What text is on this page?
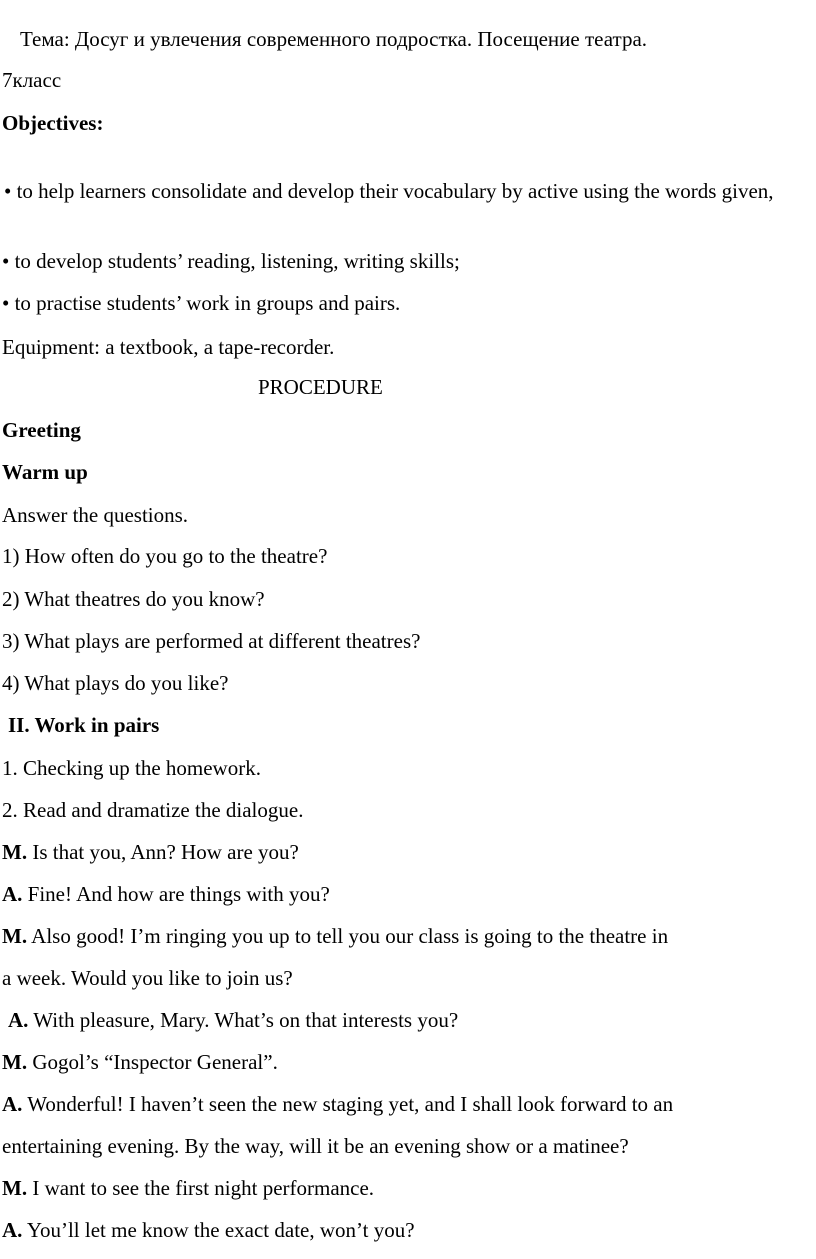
Тема: Досуг и увлечения современного подростка. Посещение театра.
7класс
Objectives:
• to help learners consolidate and develop their vocabulary by active using the words given,
• to develop students’ reading, listening, writing skills;
• to practise students’ work in groups and pairs.
Equipment: a textbook, a tape-recorder.
PROCEDURE
Greeting
Warm up
Answer the questions.
1) How often do you go to the theatre?
2) What theatres do you know?
3) What plays are performed at different theatres?
4) What plays do you like?
II. Work in pairs
1. Checking up the homework.
2. Read and dramatize the dialogue.
M. Is that you, Ann? How are you?
A. Fine! And how are things with you?
M. Also good! I’m ringing you up to tell you our class is going to the theatre in
a week. Would you like to join us?
A. With pleasure, Mary. What’s on that interests you?
M. Gogol’s “Inspector General”.
A. Wonderful! I haven’t seen the new staging yet, and I shall look forward to an
entertaining evening. By the way, will it be an evening show or a matinee?
M. I want to see the first night performance.
A. You’ll let me know the exact date, won’t you?
